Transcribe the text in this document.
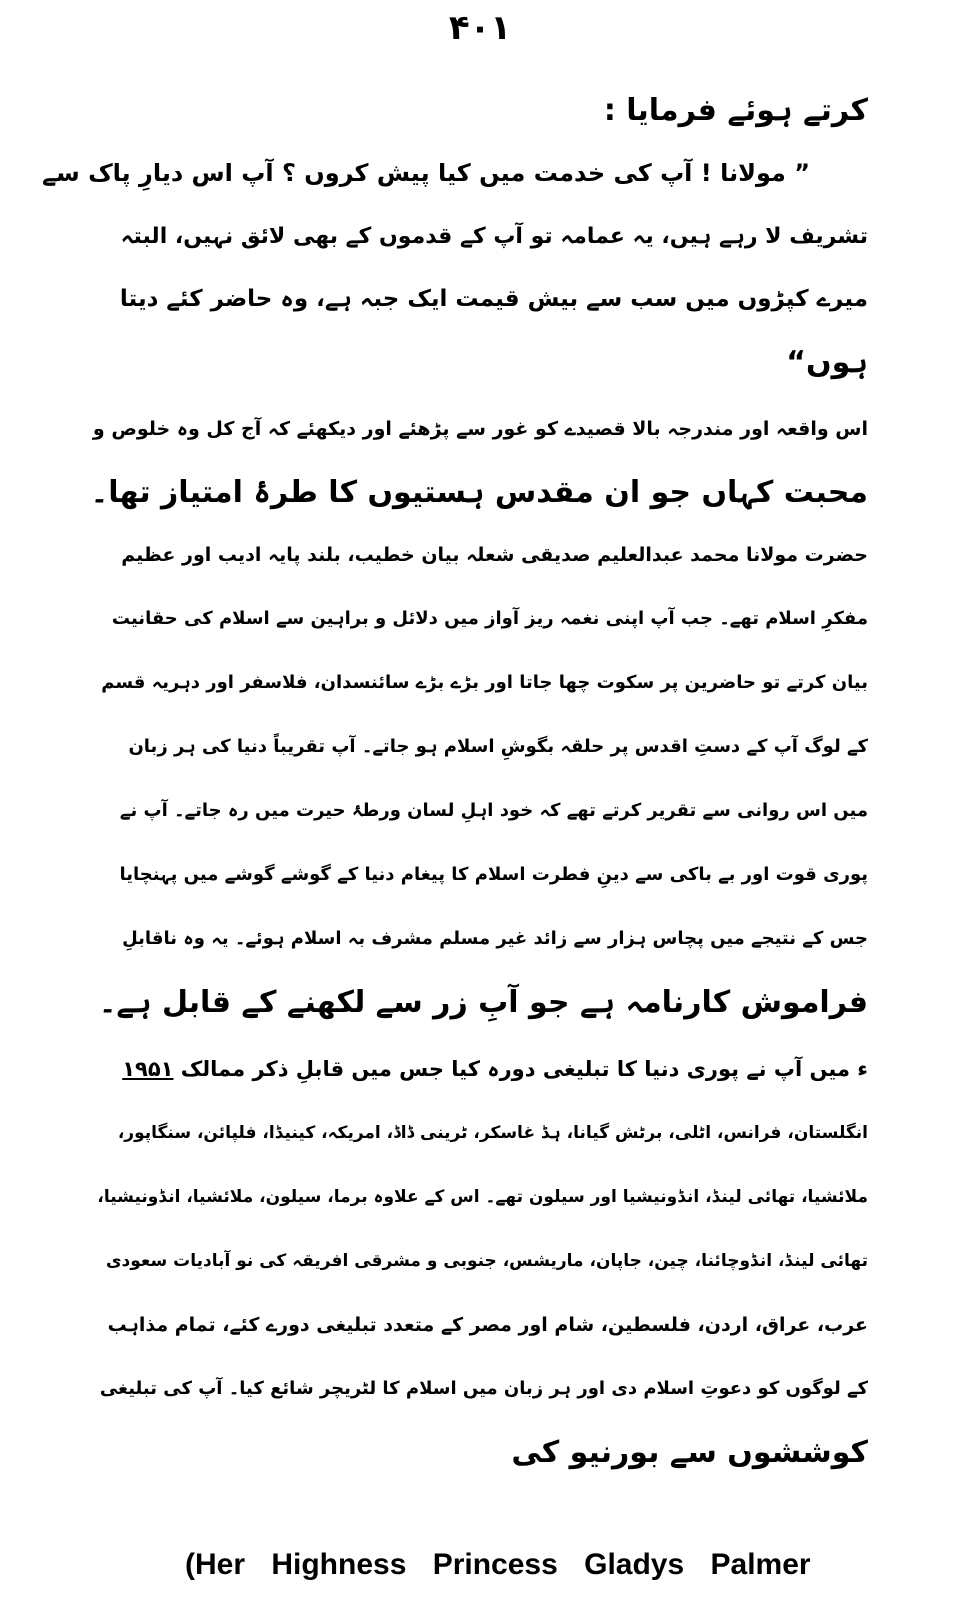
۴۰۱
کرتے ہوئے فرمایا :
” مولانا ! آپ کی خدمت میں کیا پیش کروں ؟ آپ اس دیارِ پاک سے
تشریف لا رہے ہیں، یہ عمامہ تو آپ کے قدموں کے بھی لائق نہیں، البتہ
میرے کپڑوں میں سب سے بیش قیمت ایک جبہ ہے، وہ حاضر کئے دیتا
ہوں“
اس واقعہ اور مندرجہ بالا قصیدے کو غور سے پڑھئے اور دیکھئے کہ آج کل وہ خلوص و
محبت کہاں جو ان مقدس ہستیوں کا طرۂ امتیاز تھا۔
حضرت مولانا محمد عبدالعلیم صدیقی شعلہ بیان خطیب، بلند پایہ ادیب اور عظیم
مفکرِ اسلام تھے۔ جب آپ اپنی نغمہ ریز آواز میں دلائل و براہین سے اسلام کی حقانیت
بیان کرتے تو حاضرین پر سکوت چھا جاتا اور بڑے بڑے سائنسدان، فلاسفر اور دہریہ قسم
کے لوگ آپ کے دستِ اقدس پر حلقہ بگوشِ اسلام ہو جاتے۔ آپ تقریباً دنیا کی ہر زبان
میں اس روانی سے تقریر کرتے تھے کہ خود اہلِ لسان ورطۂ حیرت میں رہ جاتے۔ آپ نے
پوری قوت اور بے باکی سے دینِ فطرت اسلام کا پیغام دنیا کے گوشے گوشے میں پہنچایا
جس کے نتیجے میں پچاس ہزار سے زائد غیر مسلم مشرف بہ اسلام ہوئے۔ یہ وہ ناقابلِ
فراموش کارنامہ ہے جو آبِ زر سے لکھنے کے قابل ہے۔
ء میں آپ نے پوری دنیا کا تبلیغی دورہ کیا جس میں قابلِ ذکر ممالک ۱۹۵۱
انگلستان، فرانس، اٹلی، برٹش گیانا، ہڈ غاسکر، ٹرینی ڈاڈ، امریکہ، کینیڈا، فلپائن، سنگاپور،
ملائشیا، تھائی لینڈ، انڈونیشیا اور سیلون تھے۔ اس کے علاوہ برما، سیلون، ملائشیا، انڈونیشیا،
تھائی لینڈ، انڈوچائنا، چین، جاپان، ماریشس، جنوبی و مشرقی افریقہ کی نو آبادیات سعودی
عرب، عراق، اردن، فلسطین، شام اور مصر کے متعدد تبلیغی دورے کئے، تمام مذاہب
کے لوگوں کو دعوتِ اسلام دی اور ہر زبان میں اسلام کا لٹریچر شائع کیا۔ آپ کی تبلیغی
کوششوں سے بورنیو کی
(Her Highness Princess Gladys Palmer
